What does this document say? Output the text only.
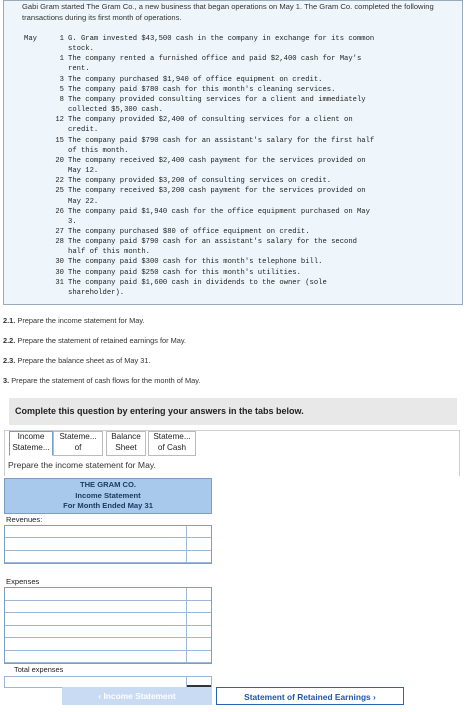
Gabi Gram started The Gram Co., a new business that began operations on May 1. The Gram Co. completed the following transactions during its first month of operations.
May	1 G. Gram invested $43,500 cash in the company in exchange for its common
stock.
1 The company rented a furnished office and paid $2,400 cash for May's
rent.
3 The company purchased $1,940 of office equipment on credit.
5 The company paid $780 cash for this month's cleaning services.
8 The company provided consulting services for a client and immediately
collected $5,300 cash.
12 The company provided $2,400 of consulting services for a client on
credit.
15 The company paid $790 cash for an assistant's salary for the first half
of this month.
20 The company received $2,400 cash payment for the services provided on
May 12.
22 The company provided $3,200 of consulting services on credit.
25 The company received $3,200 cash payment for the services provided on
May 22.
26 The company paid $1,940 cash for the office equipment purchased on May
3.
27 The company purchased $80 of office equipment on credit.
28 The company paid $790 cash for an assistant's salary for the second
half of this month.
30 The company paid $300 cash for this month's telephone bill.
30 The company paid $250 cash for this month's utilities.
31 The company paid $1,600 cash in dividends to the owner (sole
shareholder).
2.1. Prepare the income statement for May.
2.2. Prepare the statement of retained earnings for May.
2.3. Prepare the balance sheet as of May 31.
3. Prepare the statement of cash flows for the month of May.
Complete this question by entering your answers in the tabs below.
Income
Stateme...
Stateme...
of
Balance
Sheet
Stateme...
of Cash
Prepare the income statement for May.
THE GRAM CO.
Income Statement
For Month Ended May 31
Revenues:
Expenses
Total expenses
‹ Income Statement	Statement of Retained Earnings ›
